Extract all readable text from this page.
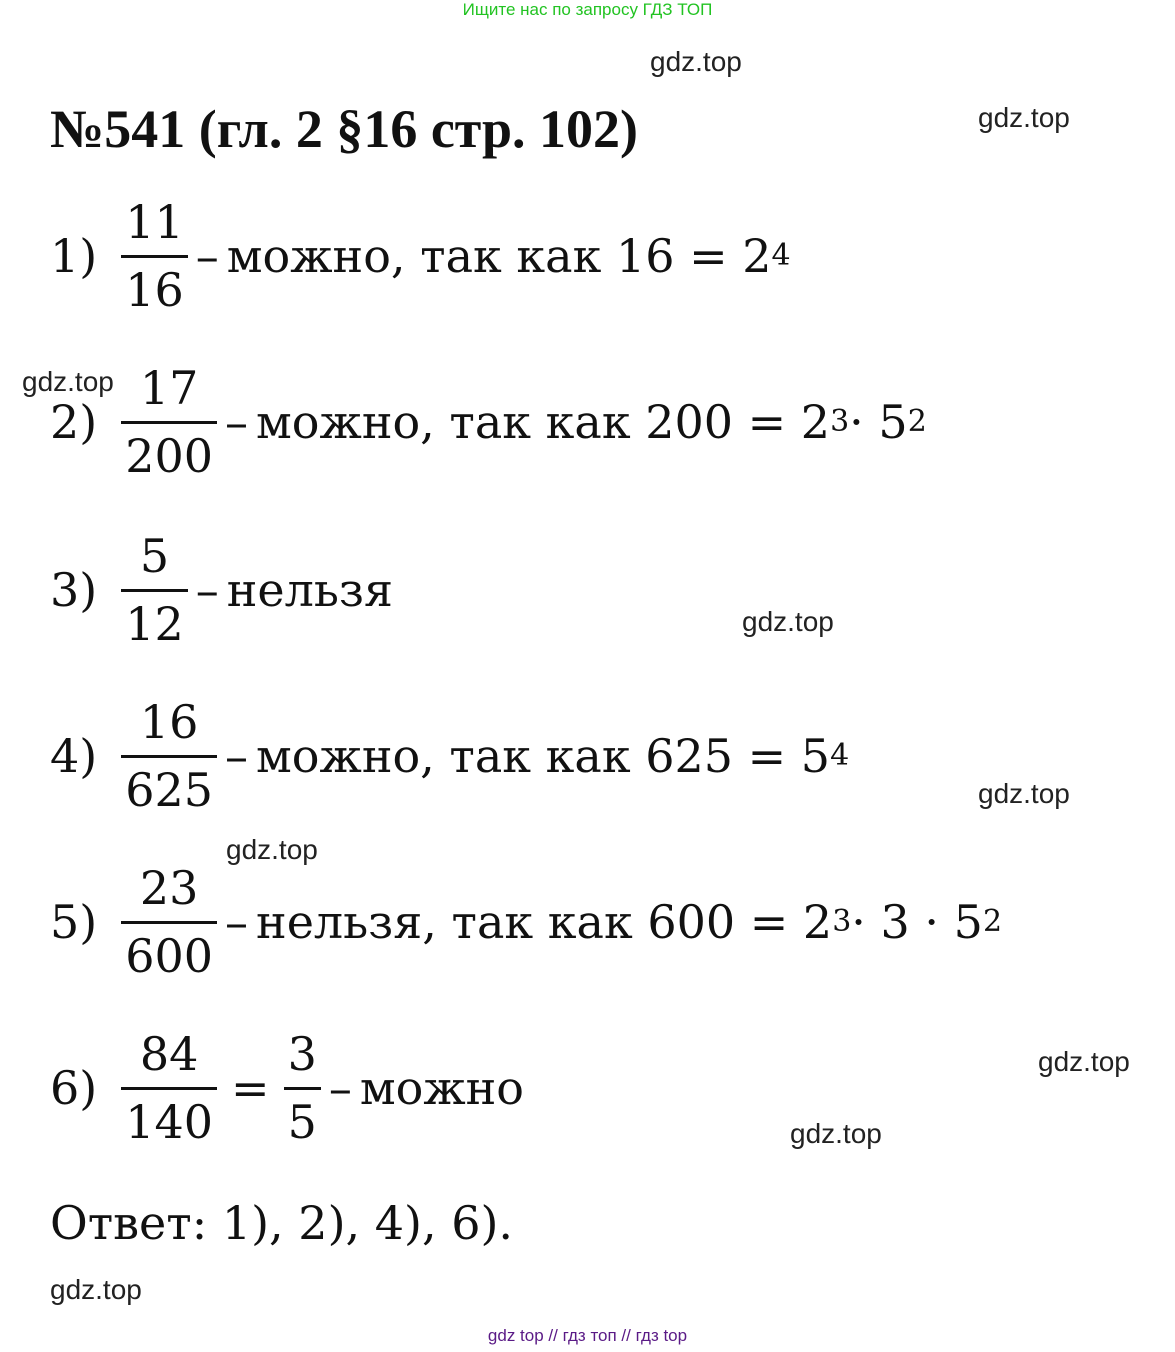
Ищите нас по запросу ГДЗ ТОП
№541 (гл. 2 §16 стр. 102)
gdz.top
gdz.top
gdz.top
gdz.top
gdz.top
gdz.top
gdz.top
gdz.top
gdz.top
$1) \frac{11}{16}$ – можно, так как 16 = 2 4
$2) \frac{17}{200}$ – можно, так как 200 = 2 3 · 5 2
$3) \frac{5}{12}$ – нельзя
$4) \frac{16}{625}$ – можно, так как 625 = 5 4
$5) \frac{23}{600}$ – нельзя, так как 600 = 2 3 · 3 · 5 2
$6) \frac{84}{140} = \frac{3}{5}$ – можно
Ответ: 1), 2), 4), 6).
gdz top // гдз топ // гдз top
